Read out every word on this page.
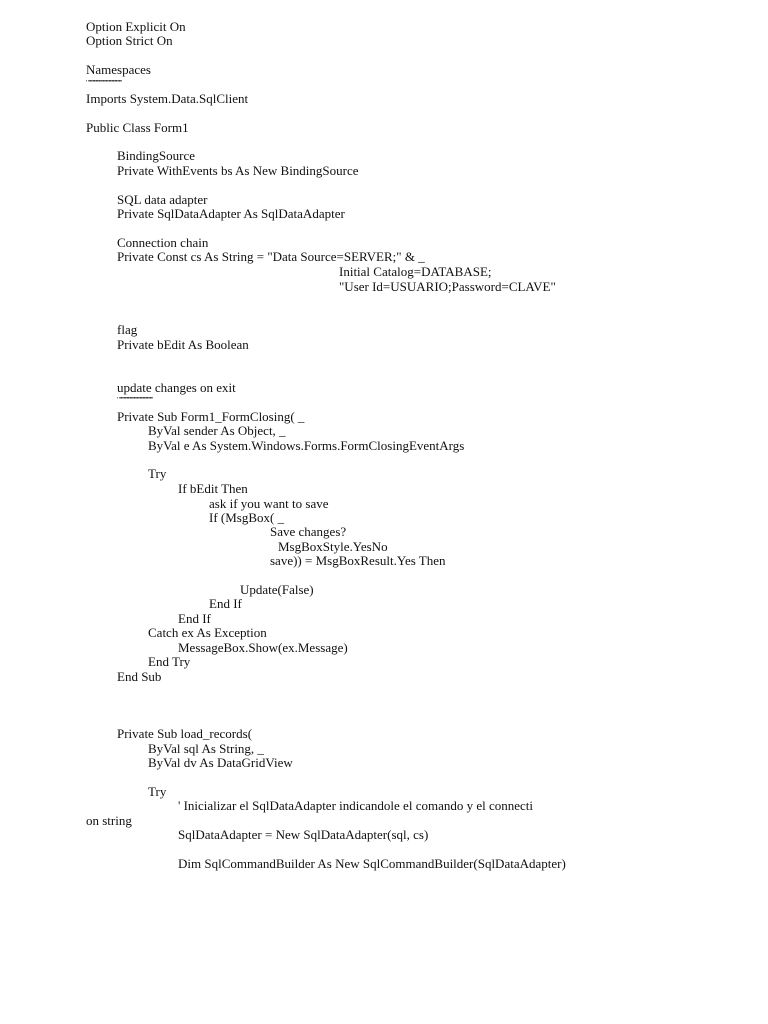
Option Explicit On
Option Strict On
Namespaces
' ''''''''''''''''''''''''''''''''''''''''''''
Imports System.Data.SqlClient
Public Class Form1
BindingSource
Private WithEvents bs As New BindingSource
SQL data adapter
Private SqlDataAdapter As SqlDataAdapter
Connection chain
Private Const cs As String = "Data Source=SERVER;" & _
Initial Catalog=DATABASE;
"User Id=USUARIO;Password=CLAVE"
flag
Private bEdit As Boolean
update changes on exit
' ''''''''''''''''''''''''''''''''''''''''''''
Private Sub Form1_FormClosing( _
ByVal sender As Object, _
ByVal e As System.Windows.Forms.FormClosingEventArgs
Try
If bEdit Then
ask if you want to save
If (MsgBox( _
Save changes?
MsgBoxStyle.YesNo
save)) = MsgBoxResult.Yes Then
Update(False)
End If
End If
Catch ex As Exception
MessageBox.Show(ex.Message)
End Try
End Sub
Private Sub load_records(
ByVal sql As String, _
ByVal dv As DataGridView
Try
' Inicializar el SqlDataAdapter indicandole el comando y el connecti
on string
SqlDataAdapter = New SqlDataAdapter(sql, cs)
Dim SqlCommandBuilder As New SqlCommandBuilder(SqlDataAdapter)
